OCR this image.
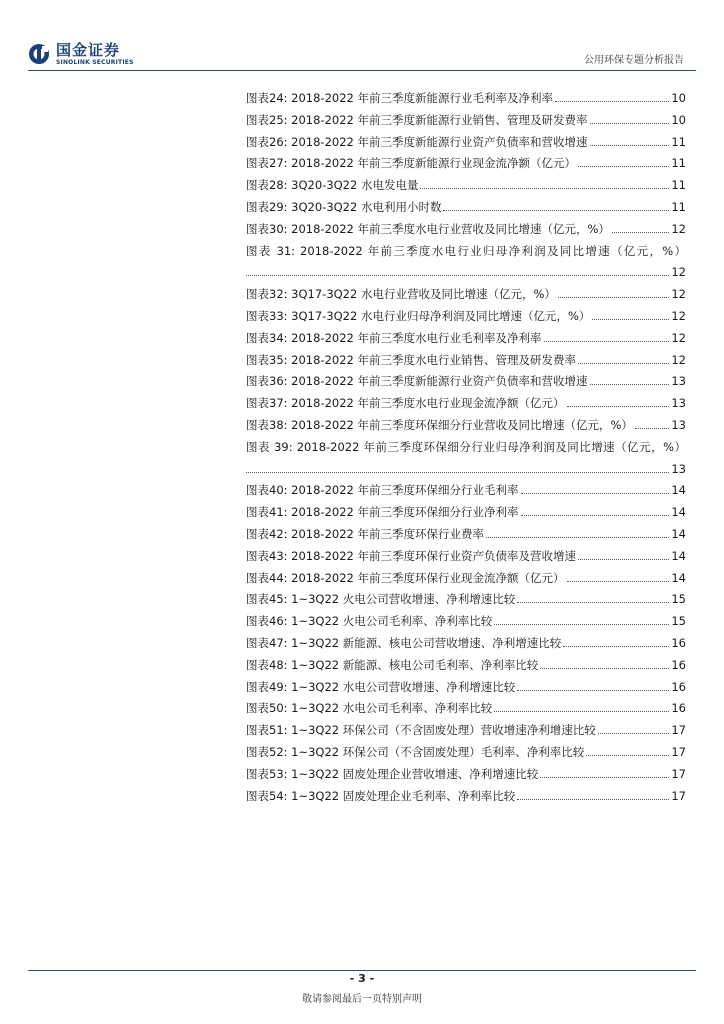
国金证券
SINOLINK SECURITIES	公用环保专题分析报告
图表24: 2018-2022 年前三季度新能源行业毛利率及净利率	10
图表25: 2018-2022 年前三季度新能源行业销售、管理及研发费率	10
图表26: 2018-2022 年前三季度新能源行业资产负债率和营收增速	11
图表27: 2018-2022 年前三季度新能源行业现金流净额（亿元）	11
图表28: 3Q20-3Q22 水电发电量	11
图表29: 3Q20-3Q22 水电利用小时数	11
图表30: 2018-2022 年前三季度水电行业营收及同比增速（亿元，%）	12
图表 31: 2018-2022 年前三季度水电行业归母净利润及同比增速（亿元，%）
12
图表32: 3Q17-3Q22 水电行业营收及同比增速（亿元，%）	12
图表33: 3Q17-3Q22 水电行业归母净利润及同比增速（亿元，%）	12
图表34: 2018-2022 年前三季度水电行业毛利率及净利率	12
图表35: 2018-2022 年前三季度水电行业销售、管理及研发费率	12
图表36: 2018-2022 年前三季度新能源行业资产负债率和营收增速	13
图表37: 2018-2022 年前三季度水电行业现金流净额（亿元）	13
图表38: 2018-2022 年前三季度环保细分行业营收及同比增速（亿元，%）	13
图表 39: 2018-2022 年前三季度环保细分行业归母净利润及同比增速（亿元，%）
13
图表40: 2018-2022 年前三季度环保细分行业毛利率	14
图表41: 2018-2022 年前三季度环保细分行业净利率	14
图表42: 2018-2022 年前三季度环保行业费率	14
图表43: 2018-2022 年前三季度环保行业资产负债率及营收增速	14
图表44: 2018-2022 年前三季度环保行业现金流净额（亿元）	14
图表45: 1~3Q22 火电公司营收增速、净利增速比较	15
图表46: 1~3Q22 火电公司毛利率、净利率比较	15
图表47: 1~3Q22 新能源、核电公司营收增速、净利增速比较	16
图表48: 1~3Q22 新能源、核电公司毛利率、净利率比较	16
图表49: 1~3Q22 水电公司营收增速、净利增速比较	16
图表50: 1~3Q22 水电公司毛利率、净利率比较	16
图表51: 1~3Q22 环保公司（不含固废处理）营收增速净利增速比较	17
图表52: 1~3Q22 环保公司（不含固废处理）毛利率、净利率比较	17
图表53: 1~3Q22 固废处理企业营收增速、净利增速比较	17
图表54: 1~3Q22 固废处理企业毛利率、净利率比较	17
- 3 -
敬请参阅最后一页特别声明
